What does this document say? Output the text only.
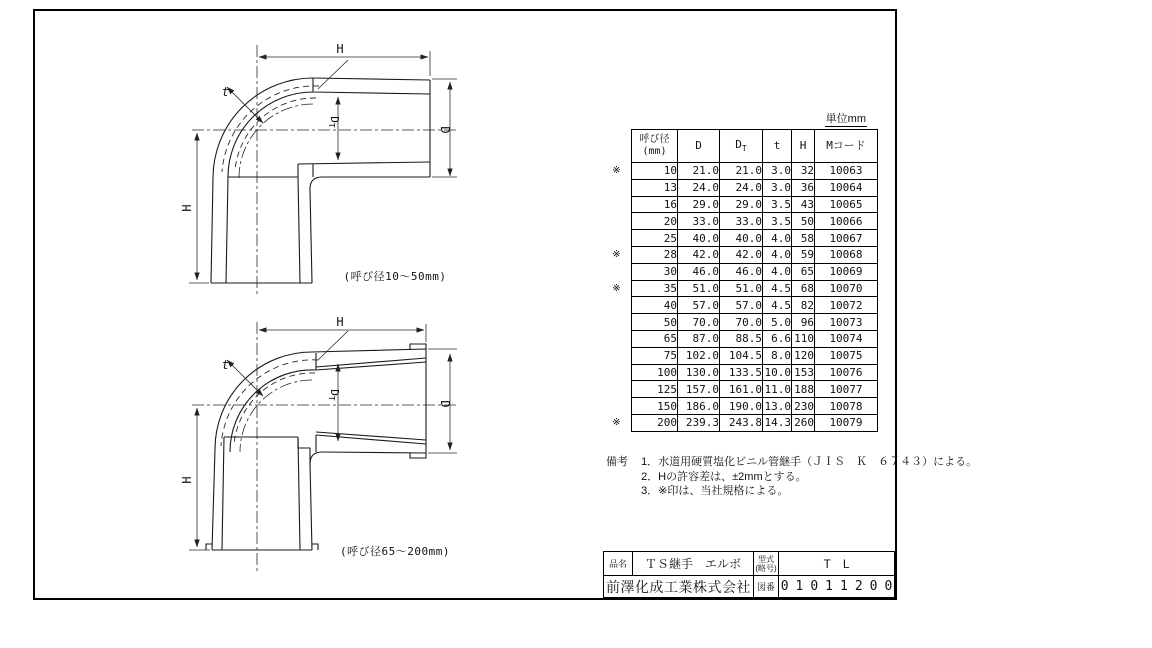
H
H
D
DT
t
(呼び径10～50mm)
H
H
D
DT
t
(呼び径65～200mm)
単位mm
	呼び径
(mm)	D	$D_T$	t	H	Mコード
※	10	21.0	21.0	3.0	32	10063
	13	24.0	24.0	3.0	36	10064
	16	29.0	29.0	3.5	43	10065
	20	33.0	33.0	3.5	50	10066
	25	40.0	40.0	4.0	58	10067
※	28	42.0	42.0	4.0	59	10068
	30	46.0	46.0	4.0	65	10069
※	35	51.0	51.0	4.5	68	10070
	40	57.0	57.0	4.5	82	10072
	50	70.0	70.0	5.0	96	10073
	65	87.0	88.5	6.6	110	10074
	75	102.0	104.5	8.0	120	10075
	100	130.0	133.5	10.0	153	10076
	125	157.0	161.0	11.0	188	10077
	150	186.0	190.0	13.0	230	10078
※	200	239.3	243.8	14.3	260	10079
備考 1．水道用硬質塩化ビニル管継手（ＪＩＳ　Ｋ　６７４３）による。
2．Hの許容差は、±2mmとする。
3．※印は、当社規格による。
品名	ＴＳ継手　エルボ	型式
(略号)	TL
前澤化成工業株式会社 図番 01011200
